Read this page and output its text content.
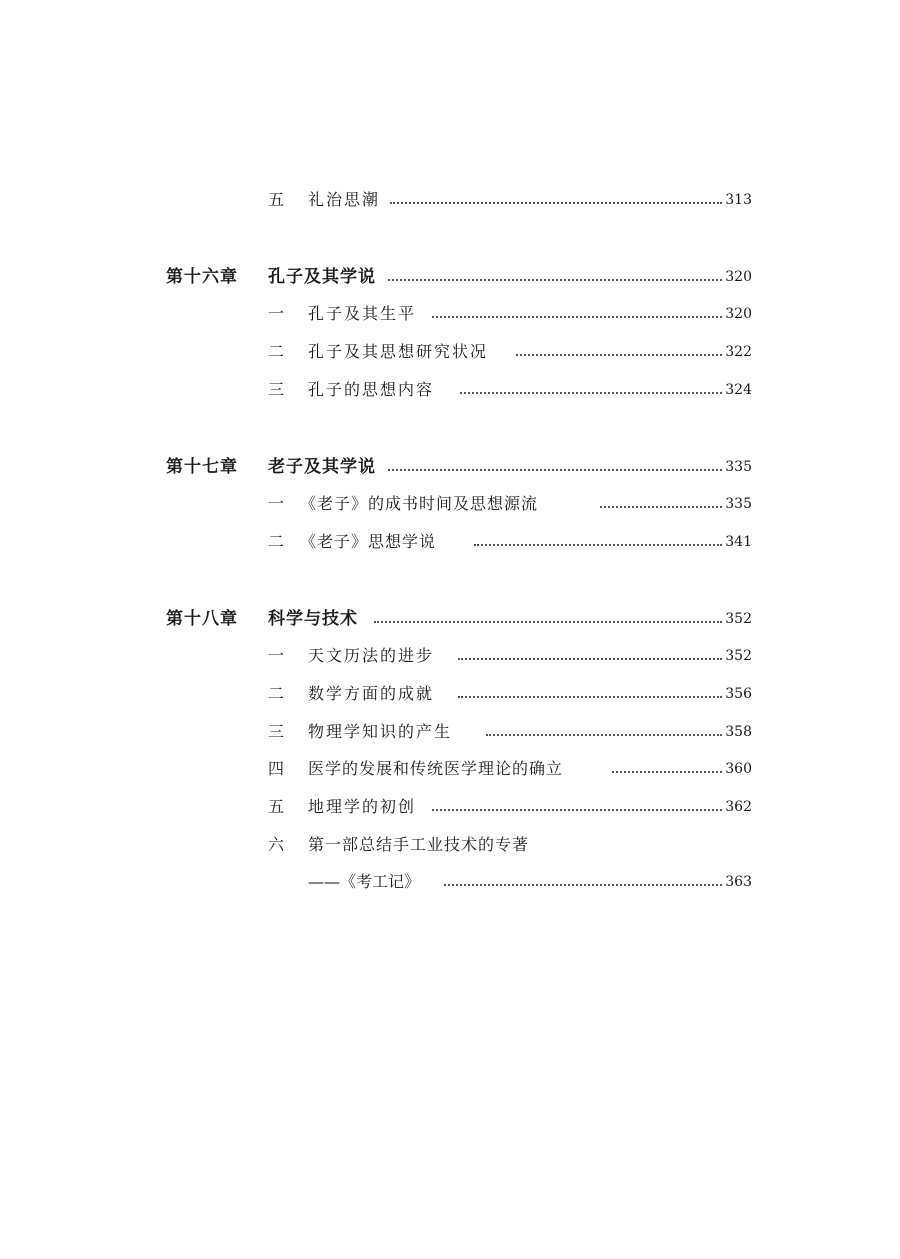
五 礼治思潮	313
第十六章 孔子及其学说	320
一 孔子及其生平	320
二 孔子及其思想研究状况	322
三 孔子的思想内容	324
第十七章 老子及其学说	335
一 《老子》的成书时间及思想源流	335
二 《老子》思想学说	341
第十八章 科学与技术	352
一 天文历法的进步	352
二 数学方面的成就	356
三 物理学知识的产生	358
四 医学的发展和传统医学理论的确立	360
五 地理学的初创	362
六 第一部总结手工业技术的专著
——《考工记》	363
